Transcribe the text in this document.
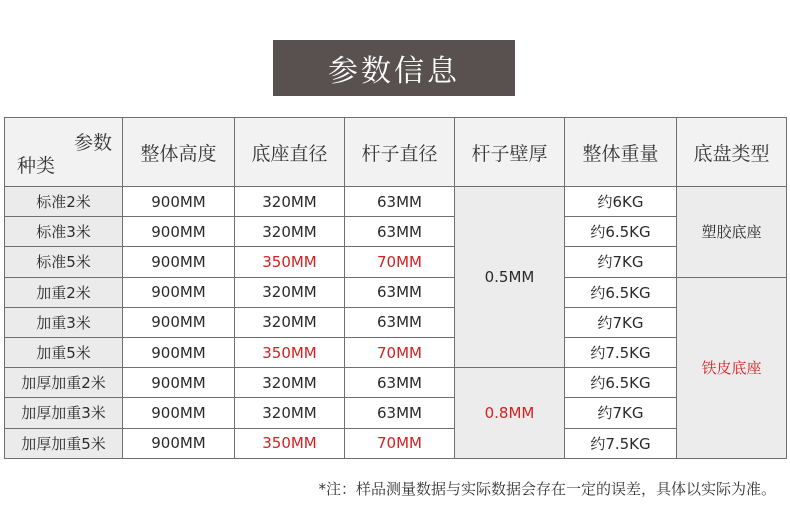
参数信息
参数
种类	整体高度	底座直径	杆子直径	杆子壁厚	整体重量	底盘类型
标准2米	900MM	320MM	63MM	0.5MM	约6KG	塑胶底座
标准3米	900MM	320MM	63MM		约6.5KG	
标准5米	900MM	350MM	70MM		约7KG	
加重2米	900MM	320MM	63MM		约6.5KG	铁皮底座
加重3米	900MM	320MM	63MM		约7KG	
加重5米	900MM	350MM	70MM		约7.5KG	
加厚加重2米	900MM	320MM	63MM	0.8MM	约6.5KG	
加厚加重3米	900MM	320MM	63MM		约7KG	
加厚加重5米	900MM	350MM	70MM		约7.5KG	
*注：样品测量数据与实际数据会存在一定的误差，具体以实际为准。
